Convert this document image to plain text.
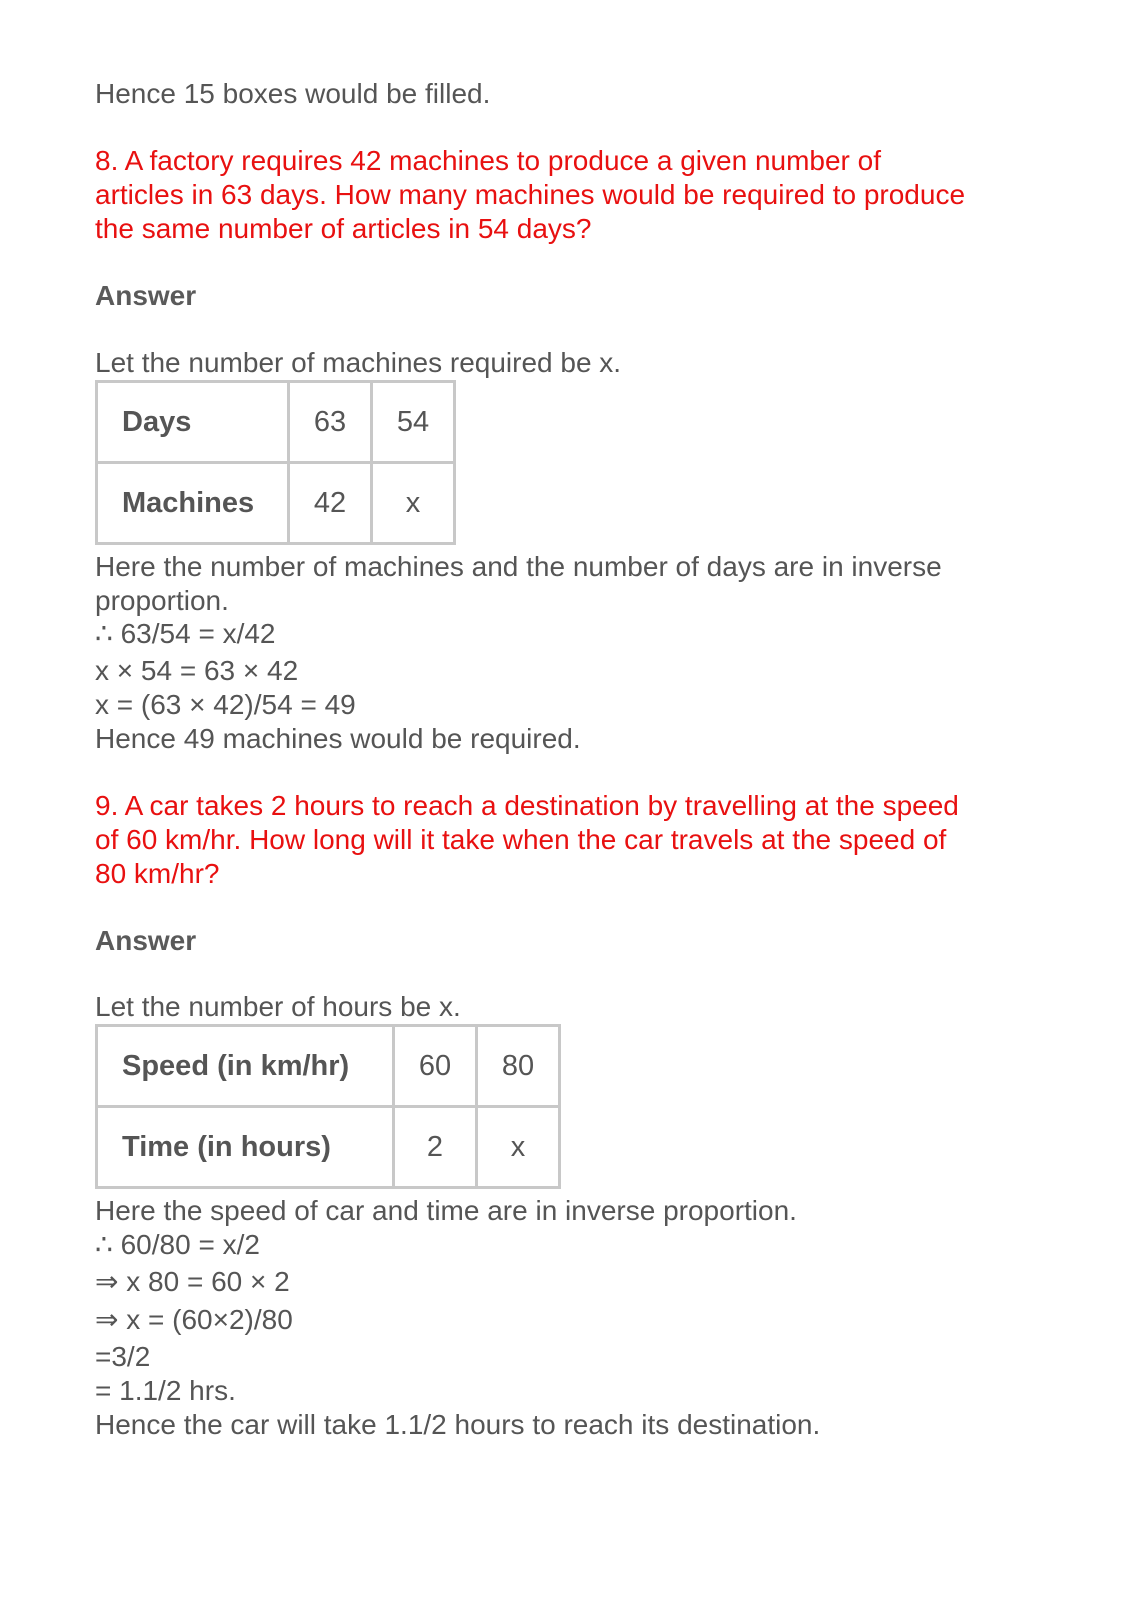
Hence 15 boxes would be filled.
8. A factory requires 42 machines to produce a given number of
articles in 63 days. How many machines would be required to produce
the same number of articles in 54 days?
Answer
Let the number of machines required be x.
Days	63	54
Machines	42	x
Here the number of machines and the number of days are in inverse
proportion.
∴ 63/54 = x/42
x × 54 = 63 × 42
x = (63 × 42)/54 = 49
Hence 49 machines would be required.
9. A car takes 2 hours to reach a destination by travelling at the speed
of 60 km/hr. How long will it take when the car travels at the speed of
80 km/hr?
Answer
Let the number of hours be x.
Speed (in km/hr)	60	80
Time (in hours)	2	x
Here the speed of car and time are in inverse proportion.
∴ 60/80 = x/2
⇒ x 80 = 60 × 2
⇒ x = (60×2)/80
=3/2
= 1.1/2 hrs.
Hence the car will take 1.1/2 hours to reach its destination.
